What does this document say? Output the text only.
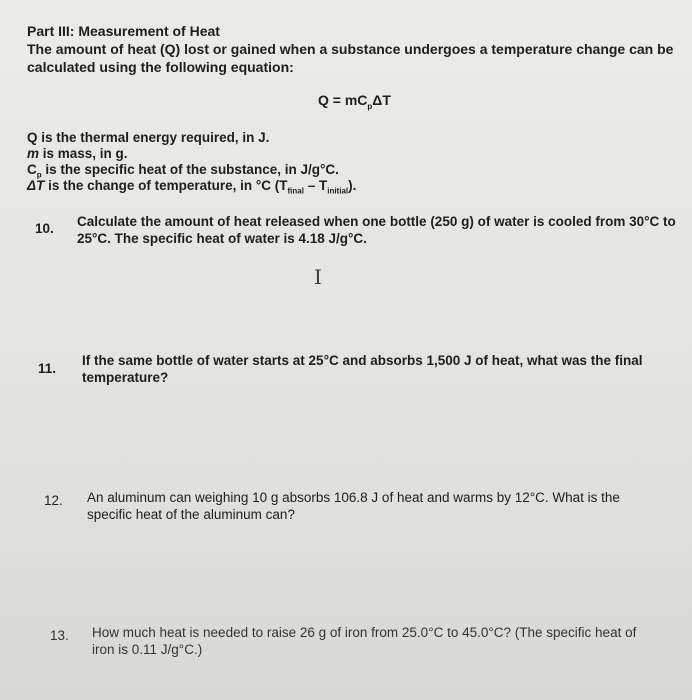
Part III: Measurement of Heat
The amount of heat (Q) lost or gained when a substance undergoes a temperature change can be
calculated using the following equation:
$Q = mC_p\Delta T$
Q is the thermal energy required, in J.
m is mass, in g.
$C_p$ is the specific heat of the substance, in J/g°C.
ΔT is the change of temperature, in °C $(T_{final} - T_{initial})$.
10. Calculate the amount of heat released when one bottle (250 g) of water is cooled from 30°C to
25°C. The specific heat of water is 4.18 J/g°C.
I
11.
If the same bottle of water starts at 25°C and absorbs 1,500 J of heat, what was the final
temperature?
12. An aluminum can weighing 10 g absorbs 106.8 J of heat and warms by 12°C. What is the
specific heat of the aluminum can?
13. How much heat is needed to raise 26 g of iron from 25.0°C to 45.0°C? (The specific heat of
iron is 0.11 J/g°C.)
